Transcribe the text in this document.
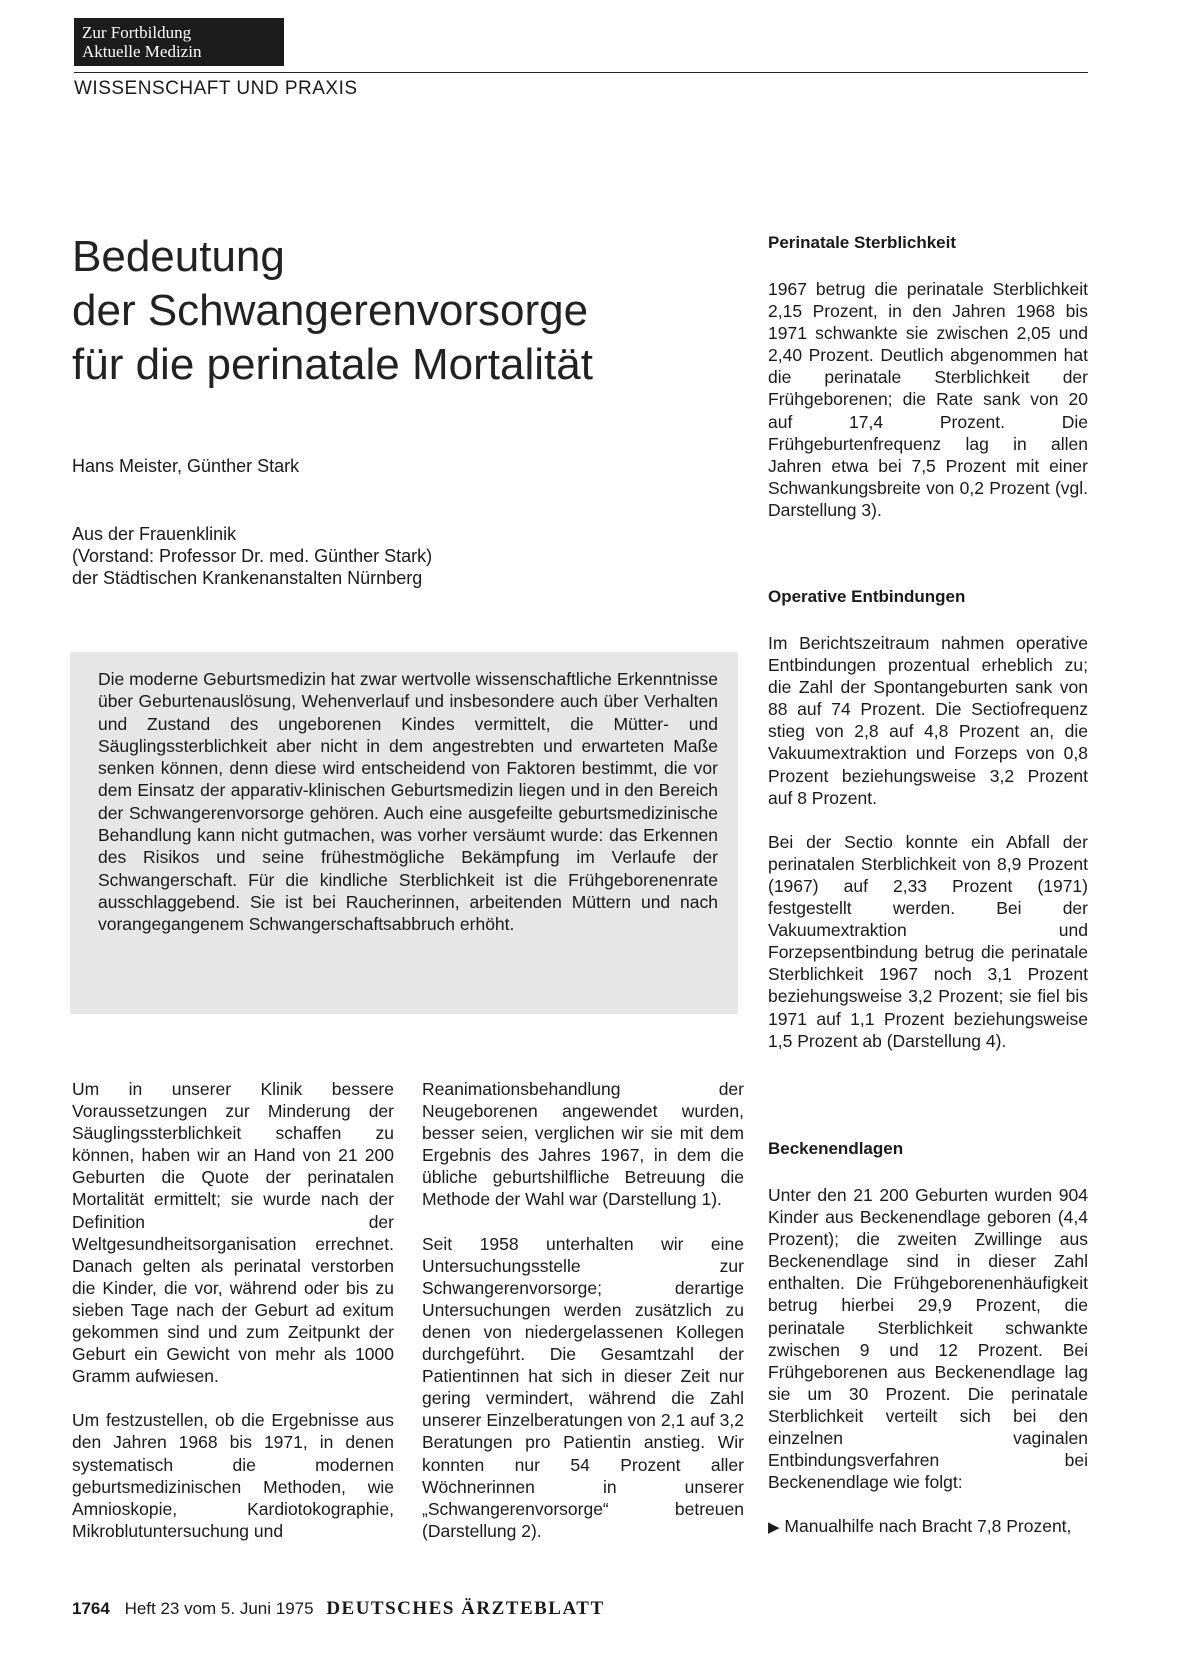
Zur Fortbildung
Aktuelle Medizin
WISSENSCHAFT UND PRAXIS
Bedeutung
der Schwangerenvorsorge
für die perinatale Mortalität
Hans Meister, Günther Stark
Aus der Frauenklinik
(Vorstand: Professor Dr. med. Günther Stark)
der Städtischen Krankenanstalten Nürnberg
Die moderne Geburtsmedizin hat zwar wertvolle wissenschaftliche Erkenntnisse über Geburtenauslösung, Wehenverlauf und insbesondere auch über Verhalten und Zustand des ungeborenen Kindes vermittelt, die Mütter- und Säuglingssterblichkeit aber nicht in dem angestrebten und erwarteten Maße senken können, denn diese wird entscheidend von Faktoren bestimmt, die vor dem Einsatz der apparativ-klinischen Geburtsmedizin liegen und in den Bereich der Schwangerenvorsorge gehören. Auch eine ausgefeilte geburtsmedizinische Behandlung kann nicht gutmachen, was vorher versäumt wurde: das Erkennen des Risikos und seine frühestmögliche Bekämpfung im Verlaufe der Schwangerschaft. Für die kindliche Sterblichkeit ist die Frühgeborenenrate ausschlaggebend. Sie ist bei Raucherinnen, arbeitenden Müttern und nach vorangegangenem Schwangerschaftsabbruch erhöht.

Um in unserer Klinik bessere Voraussetzungen zur Minderung der Säuglingssterblichkeit schaffen zu können, haben wir an Hand von 21 200 Geburten die Quote der perinatalen Mortalität ermittelt; sie wurde nach der Definition der Weltgesundheitsorganisation errechnet. Danach gelten als perinatal verstorben die Kinder, die vor, während oder bis zu sieben Tage nach der Geburt ad exitum gekommen sind und zum Zeitpunkt der Geburt ein Gewicht von mehr als 1000 Gramm aufwiesen.

Um festzustellen, ob die Ergebnisse aus den Jahren 1968 bis 1971, in denen systematisch die modernen geburtsmedizinischen Methoden, wie Amnioskopie, Kardiotokographie, Mikroblutuntersuchung und

Reanimationsbehandlung der Neugeborenen angewendet wurden, besser seien, verglichen wir sie mit dem Ergebnis des Jahres 1967, in dem die übliche geburtshilfliche Betreuung die Methode der Wahl war (Darstellung 1).

Seit 1958 unterhalten wir eine Untersuchungsstelle zur Schwangerenvorsorge; derartige Untersuchungen werden zusätzlich zu denen von niedergelassenen Kollegen durchgeführt. Die Gesamtzahl der Patientinnen hat sich in dieser Zeit nur gering vermindert, während die Zahl unserer Einzelberatungen von 2,1 auf 3,2 Beratungen pro Patientin anstieg. Wir konnten nur 54 Prozent aller Wöchnerinnen in unserer „Schwangerenvorsorge“ betreuen (Darstellung 2).

Perinatale Sterblichkeit

1967 betrug die perinatale Sterblichkeit 2,15 Prozent, in den Jahren 1968 bis 1971 schwankte sie zwischen 2,05 und 2,40 Prozent. Deutlich abgenommen hat die perinatale Sterblichkeit der Frühgeborenen; die Rate sank von 20 auf 17,4 Prozent. Die Frühgeburtenfrequenz lag in allen Jahren etwa bei 7,5 Prozent mit einer Schwankungsbreite von 0,2 Prozent (vgl. Darstellung 3).

Operative Entbindungen

Im Berichtszeitraum nahmen operative Entbindungen prozentual erheblich zu; die Zahl der Spontangeburten sank von 88 auf 74 Prozent. Die Sectiofrequenz stieg von 2,8 auf 4,8 Prozent an, die Vakuumextraktion und Forzeps von 0,8 Prozent beziehungsweise 3,2 Prozent auf 8 Prozent.

Bei der Sectio konnte ein Abfall der perinatalen Sterblichkeit von 8,9 Prozent (1967) auf 2,33 Prozent (1971) festgestellt werden. Bei der Vakuumextraktion und Forzepsentbindung betrug die perinatale Sterblichkeit 1967 noch 3,1 Prozent beziehungsweise 3,2 Prozent; sie fiel bis 1971 auf 1,1 Prozent beziehungsweise 1,5 Prozent ab (Darstellung 4).

Beckenendlagen

Unter den 21 200 Geburten wurden 904 Kinder aus Beckenendlage geboren (4,4 Prozent); die zweiten Zwillinge aus Beckenendlage sind in dieser Zahl enthalten. Die Frühgeborenenhäufigkeit betrug hierbei 29,9 Prozent, die perinatale Sterblichkeit schwankte zwischen 9 und 12 Prozent. Bei Frühgeborenen aus Beckenendlage lag sie um 30 Prozent. Die perinatale Sterblichkeit verteilt sich bei den einzelnen vaginalen Entbindungsverfahren bei Beckenendlage wie folgt:

▶ Manualhilfe nach Bracht 7,8 Prozent,

1764 Heft 23 vom 5. Juni 1975 DEUTSCHES ÄRZTEBLATT
